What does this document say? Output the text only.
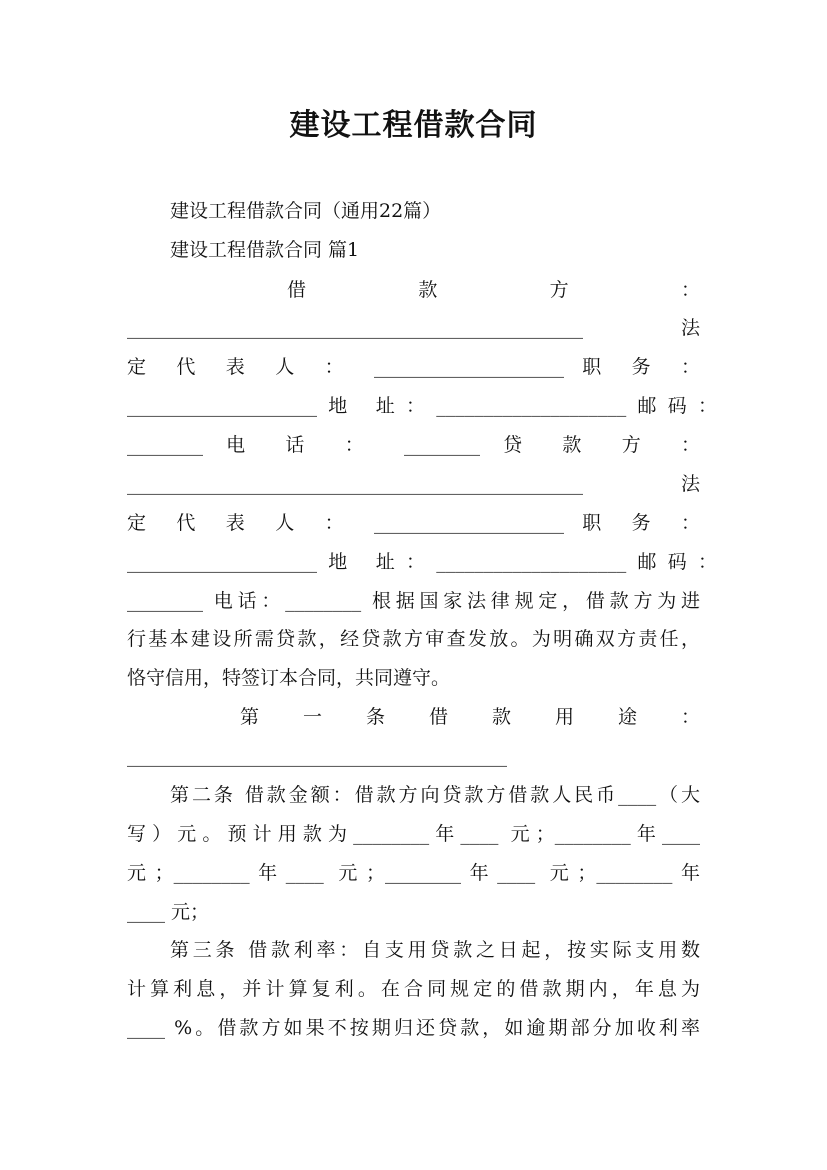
建设工程借款合同
建设工程借款合同（通用22篇）
建设工程借款合同 篇1
借 款 方 ：
________________________________________________ 法
定 代 表 人 ： ____________________ 职 务 ：
____________________地 址：____________________邮码：
________ 电 话 ： ________ 贷 款 方 ：
________________________________________________ 法
定 代 表 人 ： ____________________ 职 务 ：
____________________地 址：____________________邮码：
________ 电话：________ 根据国家法律规定，借款方为进
行基本建设所需贷款，经贷款方审查发放。为明确双方责任，
恪守信用，特签订本合同，共同遵守。
第 一 条 借 款 用 途 ：
________________________________________
第二条 借款金额：借款方向贷款方借款人民币____（大
写）元。预计用款为________年____ 元；________年____
元；________年____ 元；________年____ 元；________年
____ 元；
第三条 借款利率：自支用贷款之日起，按实际支用数
计算利息，并计算复利。在合同规定的借款期内，年息为
____ %。借款方如果不按期归还贷款，如逾期部分加收利率
